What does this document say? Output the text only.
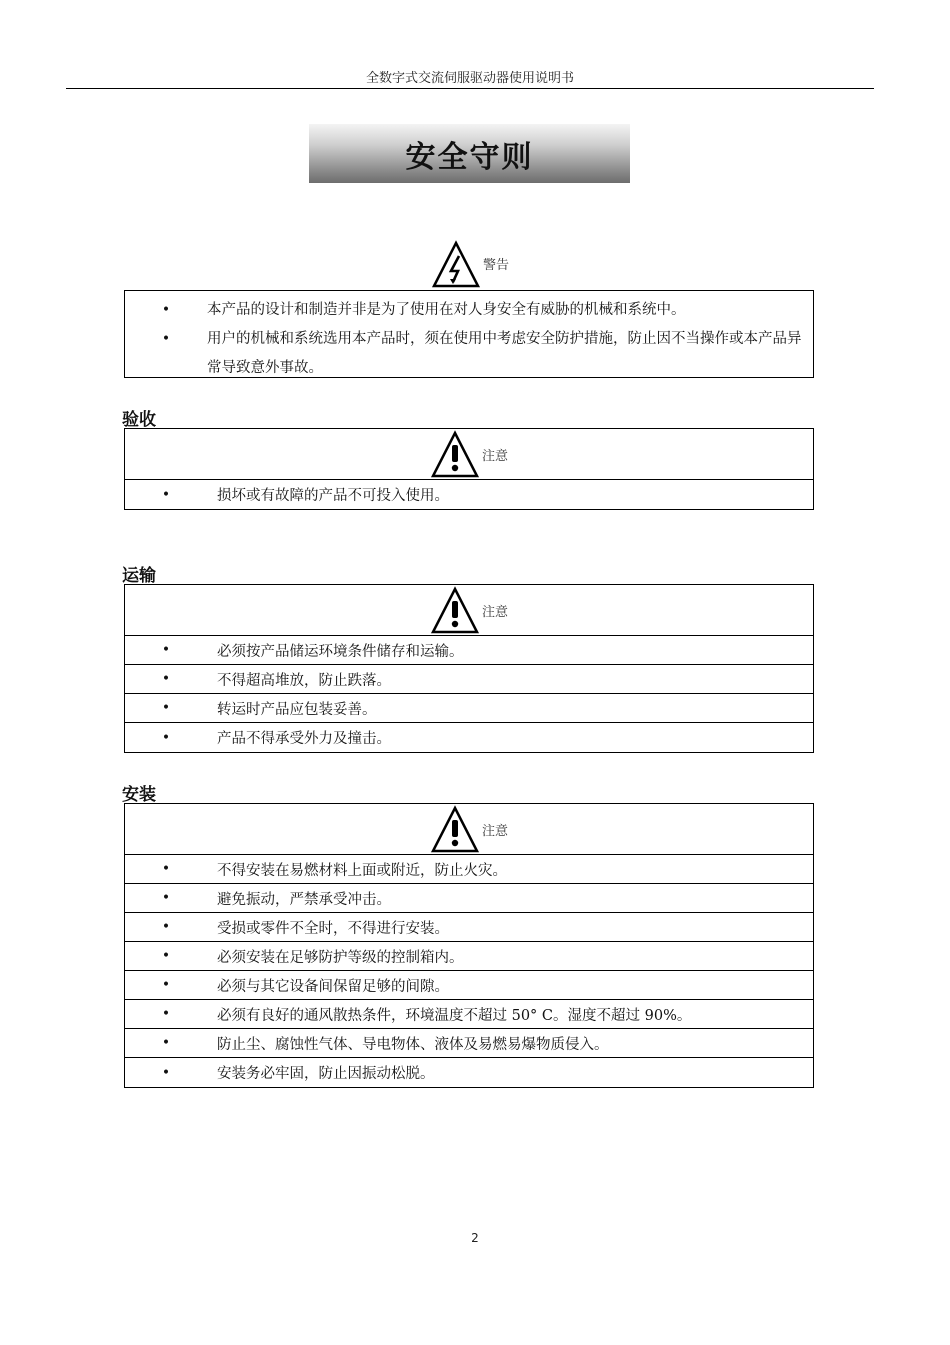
全数字式交流伺服驱动器使用说明书
安全守则
警告
•	本产品的设计和制造并非是为了使用在对人身安全有威胁的机械和系统中。
•	用户的机械和系统选用本产品时，须在使用中考虑安全防护措施，防止因不当操作或本产品异常导致意外事故。
验收
注意
•	损坏或有故障的产品不可投入使用。
运输
注意
•	必须按产品储运环境条件储存和运输。
•	不得超高堆放，防止跌落。
•	转运时产品应包装妥善。
•	产品不得承受外力及撞击。
安装
注意
•	不得安装在易燃材料上面或附近，防止火灾。
•	避免振动，严禁承受冲击。
•	受损或零件不全时，不得进行安装。
•	必须安装在足够防护等级的控制箱内。
•	必须与其它设备间保留足够的间隙。
•	必须有良好的通风散热条件，环境温度不超过 50° C。湿度不超过 90%。
•	防止尘、腐蚀性气体、导电物体、液体及易燃易爆物质侵入。
•	安装务必牢固，防止因振动松脱。
2
